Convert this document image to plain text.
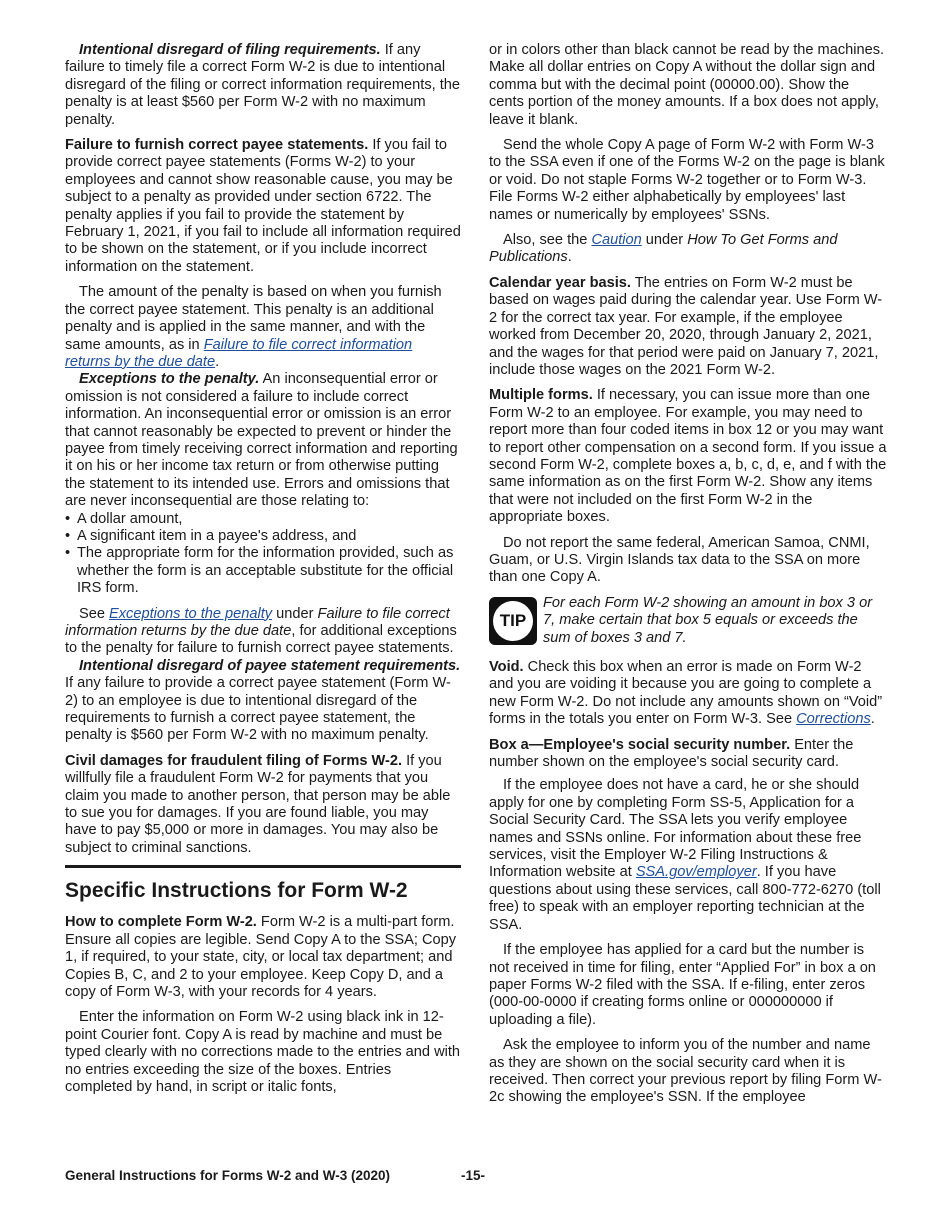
Intentional disregard of filing requirements. If any failure to timely file a correct Form W-2 is due to intentional disregard of the filing or correct information requirements, the penalty is at least $560 per Form W-2 with no maximum penalty.

Failure to furnish correct payee statements. If you fail to provide correct payee statements (Forms W-2) to your employees and cannot show reasonable cause, you may be subject to a penalty as provided under section 6722. The penalty applies if you fail to provide the statement by February 1, 2021, if you fail to include all information required to be shown on the statement, or if you include incorrect information on the statement.

The amount of the penalty is based on when you furnish the correct payee statement. This penalty is an additional penalty and is applied in the same manner, and with the same amounts, as in Failure to file correct information returns by the due date.

Exceptions to the penalty. An inconsequential error or omission is not considered a failure to include correct information. An inconsequential error or omission is an error that cannot reasonably be expected to prevent or hinder the payee from timely receiving correct information and reporting it on his or her income tax return or from otherwise putting the statement to its intended use. Errors and omissions that are never inconsequential are those relating to:

• A dollar amount,
• A significant item in a payee's address, and
• The appropriate form for the information provided, such as whether the form is an acceptable substitute for the official IRS form.

See Exceptions to the penalty under Failure to file correct information returns by the due date, for additional exceptions to the penalty for failure to furnish correct payee statements.

Intentional disregard of payee statement requirements. If any failure to provide a correct payee statement (Form W-2) to an employee is due to intentional disregard of the requirements to furnish a correct payee statement, the penalty is $560 per Form W-2 with no maximum penalty.

Civil damages for fraudulent filing of Forms W-2. If you willfully file a fraudulent Form W-2 for payments that you claim you made to another person, that person may be able to sue you for damages. If you are found liable, you may have to pay $5,000 or more in damages. You may also be subject to criminal sanctions.

Specific Instructions for Form W-2

How to complete Form W-2. Form W-2 is a multi-part form. Ensure all copies are legible. Send Copy A to the SSA; Copy 1, if required, to your state, city, or local tax department; and Copies B, C, and 2 to your employee. Keep Copy D, and a copy of Form W-3, with your records for 4 years.

Enter the information on Form W-2 using black ink in 12-point Courier font. Copy A is read by machine and must be typed clearly with no corrections made to the entries and with no entries exceeding the size of the boxes. Entries completed by hand, in script or italic fonts,

or in colors other than black cannot be read by the machines. Make all dollar entries on Copy A without the dollar sign and comma but with the decimal point (00000.00). Show the cents portion of the money amounts. If a box does not apply, leave it blank.

Send the whole Copy A page of Form W-2 with Form W-3 to the SSA even if one of the Forms W-2 on the page is blank or void. Do not staple Forms W-2 together or to Form W-3. File Forms W-2 either alphabetically by employees' last names or numerically by employees' SSNs.

Also, see the Caution under How To Get Forms and Publications.

Calendar year basis. The entries on Form W-2 must be based on wages paid during the calendar year. Use Form W-2 for the correct tax year. For example, if the employee worked from December 20, 2020, through January 2, 2021, and the wages for that period were paid on January 7, 2021, include those wages on the 2021 Form W-2.

Multiple forms. If necessary, you can issue more than one Form W-2 to an employee. For example, you may need to report more than four coded items in box 12 or you may want to report other compensation on a second form. If you issue a second Form W-2, complete boxes a, b, c, d, e, and f with the same information as on the first Form W-2. Show any items that were not included on the first Form W-2 in the appropriate boxes.

Do not report the same federal, American Samoa, CNMI, Guam, or U.S. Virgin Islands tax data to the SSA on more than one Copy A.

TIP
For each Form W-2 showing an amount in box 3 or 7, make certain that box 5 equals or exceeds the sum of boxes 3 and 7.

Void. Check this box when an error is made on Form W-2 and you are voiding it because you are going to complete a new Form W-2. Do not include any amounts shown on “Void” forms in the totals you enter on Form W-3. See Corrections.

Box a—Employee's social security number. Enter the number shown on the employee's social security card.

If the employee does not have a card, he or she should apply for one by completing Form SS-5, Application for a Social Security Card. The SSA lets you verify employee names and SSNs online. For information about these free services, visit the Employer W-2 Filing Instructions & Information website at SSA.gov/employer. If you have questions about using these services, call 800-772-6270 (toll free) to speak with an employer reporting technician at the SSA.

If the employee has applied for a card but the number is not received in time for filing, enter “Applied For” in box a on paper Forms W-2 filed with the SSA. If e-filing, enter zeros (000-00-0000 if creating forms online or 000000000 if uploading a file).

Ask the employee to inform you of the number and name as they are shown on the social security card when it is received. Then correct your previous report by filing Form W-2c showing the employee's SSN. If the employee

General Instructions for Forms W-2 and W-3 (2020)	-15-
